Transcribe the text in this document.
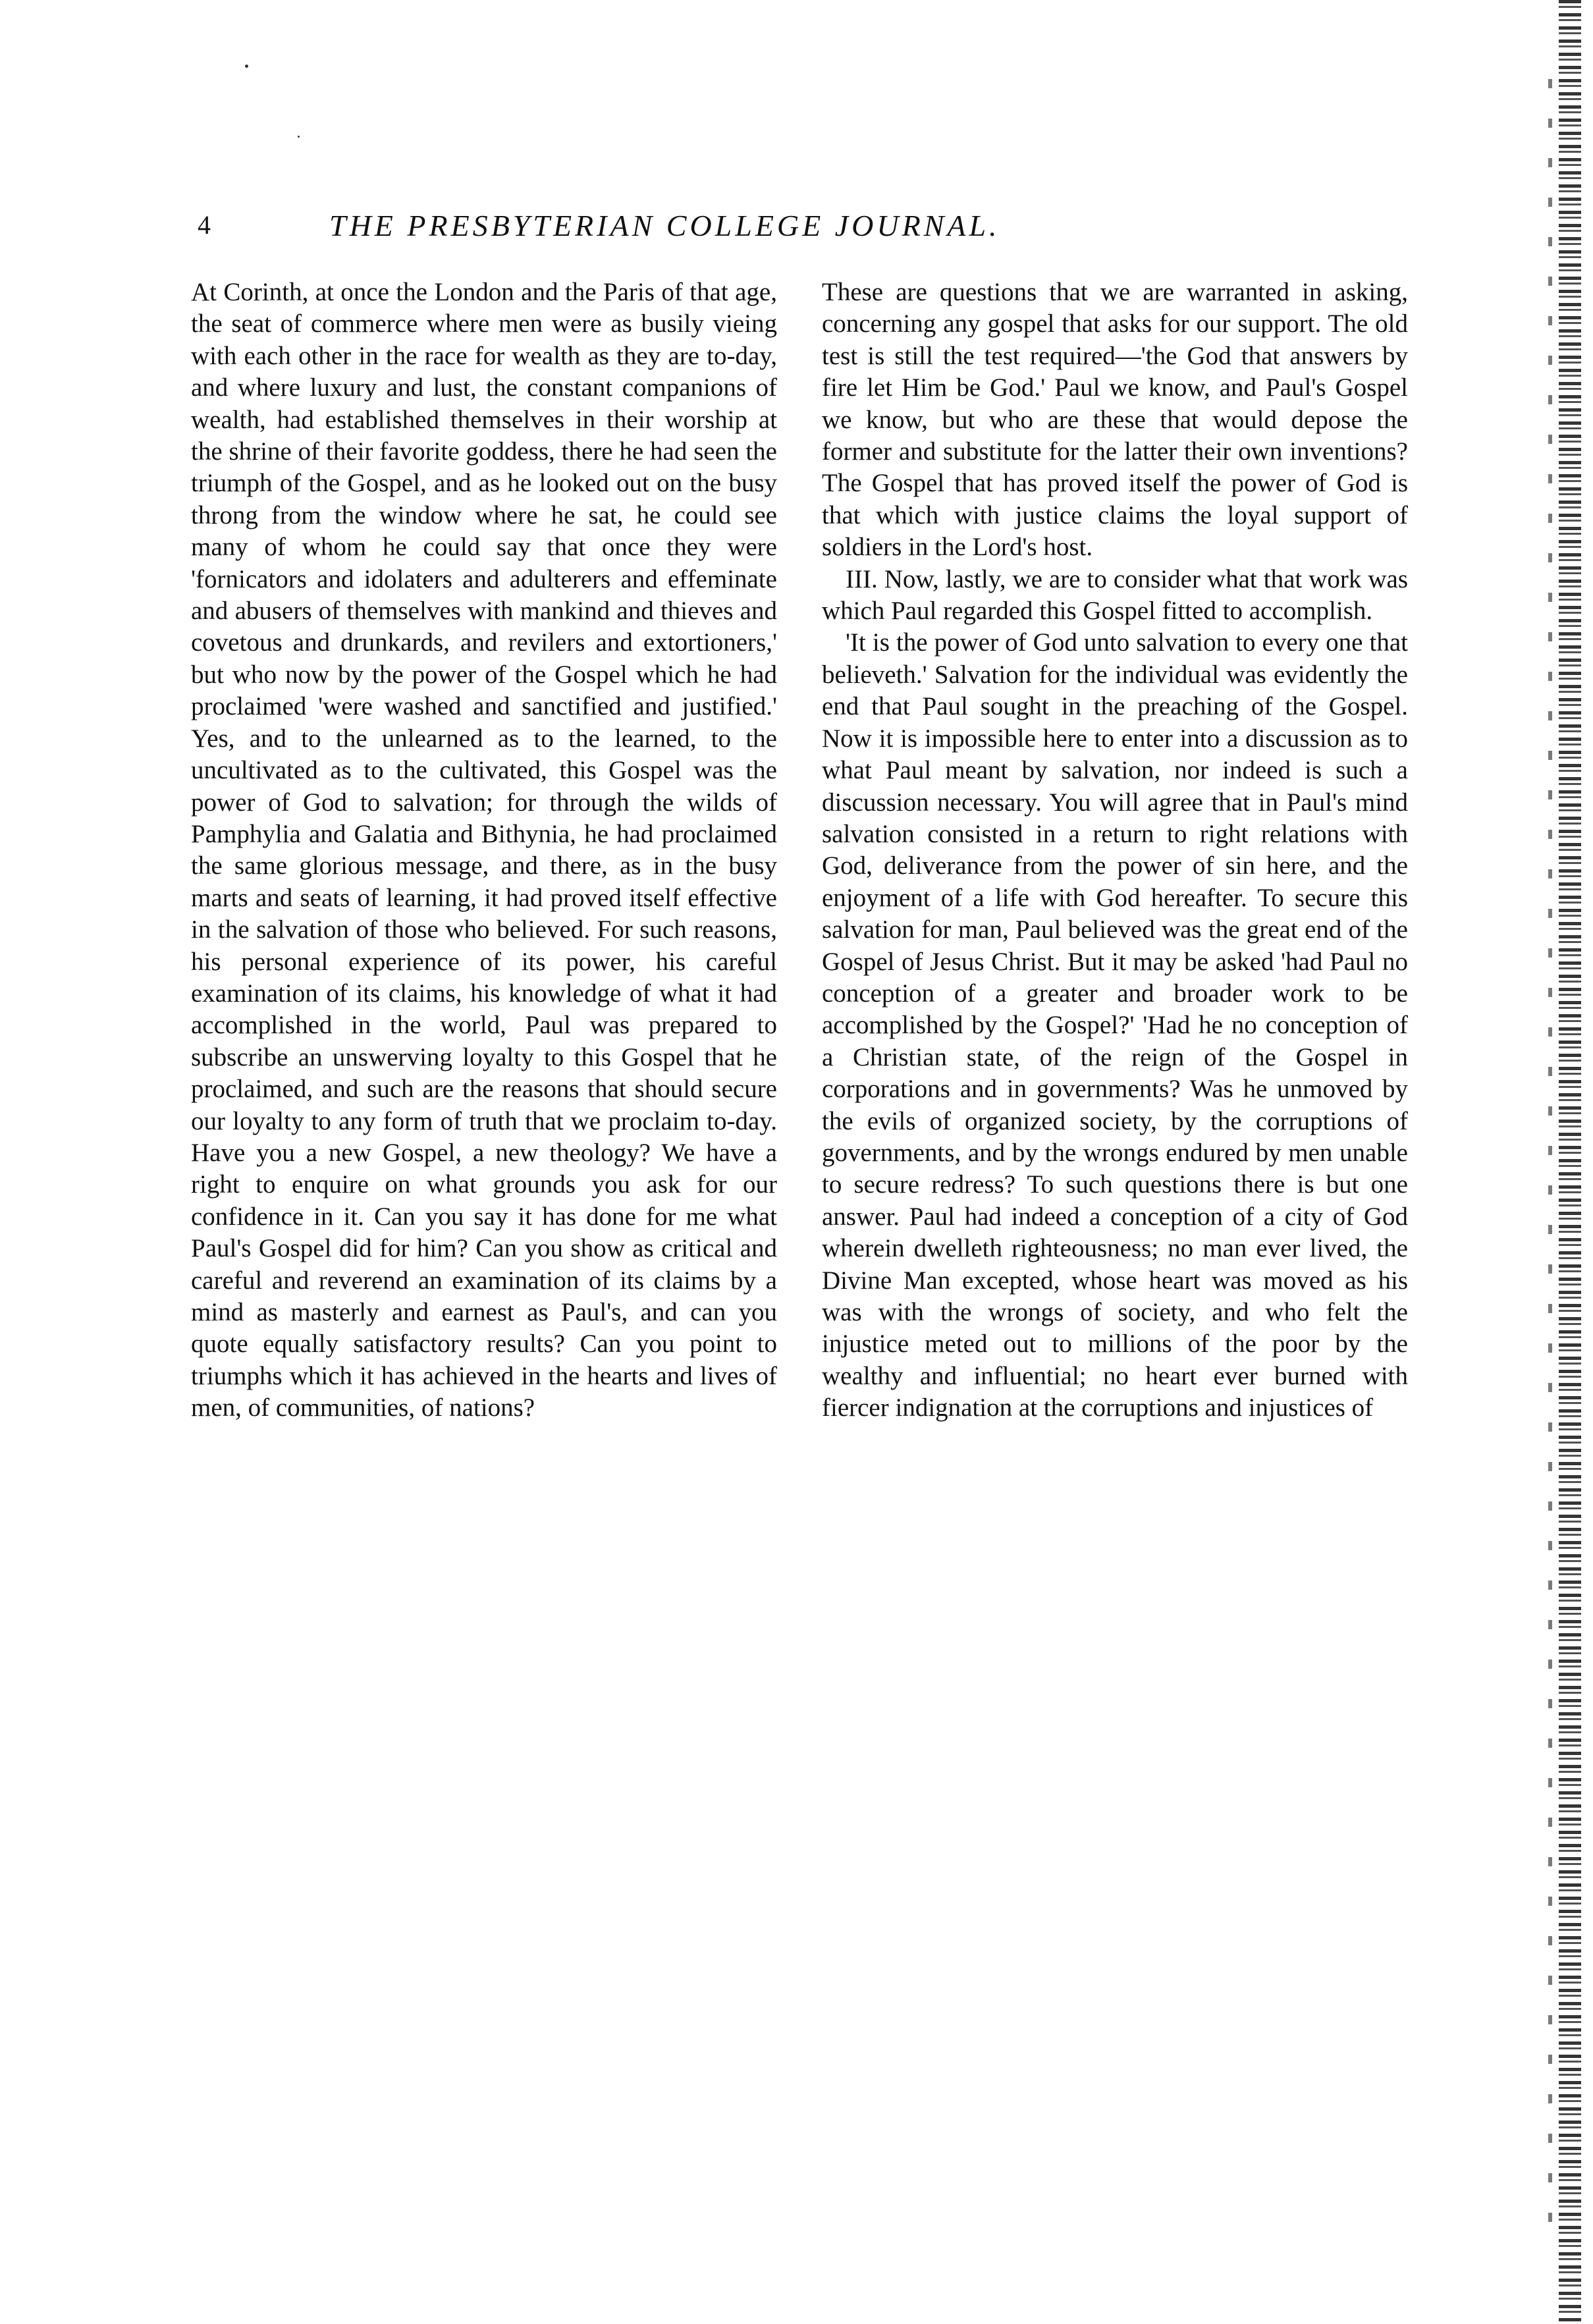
4	THE PRESBYTERIAN COLLEGE JOURNAL.

At Corinth, at once the London and the Paris of that age, the seat of commerce where men were as busily vieing with each other in the race for wealth as they are to-day, and where luxury and lust, the constant companions of wealth, had established themselves in their worship at the shrine of their favorite goddess, there he had seen the triumph of the Gospel, and as he looked out on the busy throng from the window where he sat, he could see many of whom he could say that once they were 'fornicators and idolaters and adulterers and effeminate and abusers of themselves with mankind and thieves and covetous and drunkards, and revilers and extortioners,' but who now by the power of the Gospel which he had proclaimed 'were washed and sanctified and justified.' Yes, and to the unlearned as to the learned, to the uncultivated as to the cultivated, this Gospel was the power of God to salvation; for through the wilds of Pamphylia and Galatia and Bithynia, he had proclaimed the same glorious message, and there, as in the busy marts and seats of learning, it had proved itself effective in the salvation of those who believed. For such reasons, his personal experience of its power, his careful examination of its claims, his knowledge of what it had accomplished in the world, Paul was prepared to subscribe an unswerving loyalty to this Gospel that he proclaimed, and such are the reasons that should secure our loyalty to any form of truth that we proclaim to-day. Have you a new Gospel, a new theology? We have a right to enquire on what grounds you ask for our confidence in it. Can you say it has done for me what Paul's Gospel did for him? Can you show as critical and careful and reverend an examination of its claims by a mind as masterly and earnest as Paul's, and can you quote equally satisfactory results? Can you point to triumphs which it has achieved in the hearts and lives of men, of communities, of nations?

These are questions that we are warranted in asking, concerning any gospel that asks for our support. The old test is still the test required—'the God that answers by fire let Him be God.' Paul we know, and Paul's Gospel we know, but who are these that would depose the former and substitute for the latter their own inventions? The Gospel that has proved itself the power of God is that which with justice claims the loyal support of soldiers in the Lord's host.

III. Now, lastly, we are to consider what that work was which Paul regarded this Gospel fitted to accomplish.

'It is the power of God unto salvation to every one that believeth.' Salvation for the individual was evidently the end that Paul sought in the preaching of the Gospel. Now it is impossible here to enter into a discussion as to what Paul meant by salvation, nor indeed is such a discussion necessary. You will agree that in Paul's mind salvation consisted in a return to right relations with God, deliverance from the power of sin here, and the enjoyment of a life with God hereafter. To secure this salvation for man, Paul believed was the great end of the Gospel of Jesus Christ. But it may be asked 'had Paul no conception of a greater and broader work to be accomplished by the Gospel?' 'Had he no conception of a Christian state, of the reign of the Gospel in corporations and in governments? Was he unmoved by the evils of organized society, by the corruptions of governments, and by the wrongs endured by men unable to secure redress? To such questions there is but one answer. Paul had indeed a conception of a city of God wherein dwelleth righteousness; no man ever lived, the Divine Man excepted, whose heart was moved as his was with the wrongs of society, and who felt the injustice meted out to millions of the poor by the wealthy and influential; no heart ever burned with fiercer indignation at the corruptions and injustices of
